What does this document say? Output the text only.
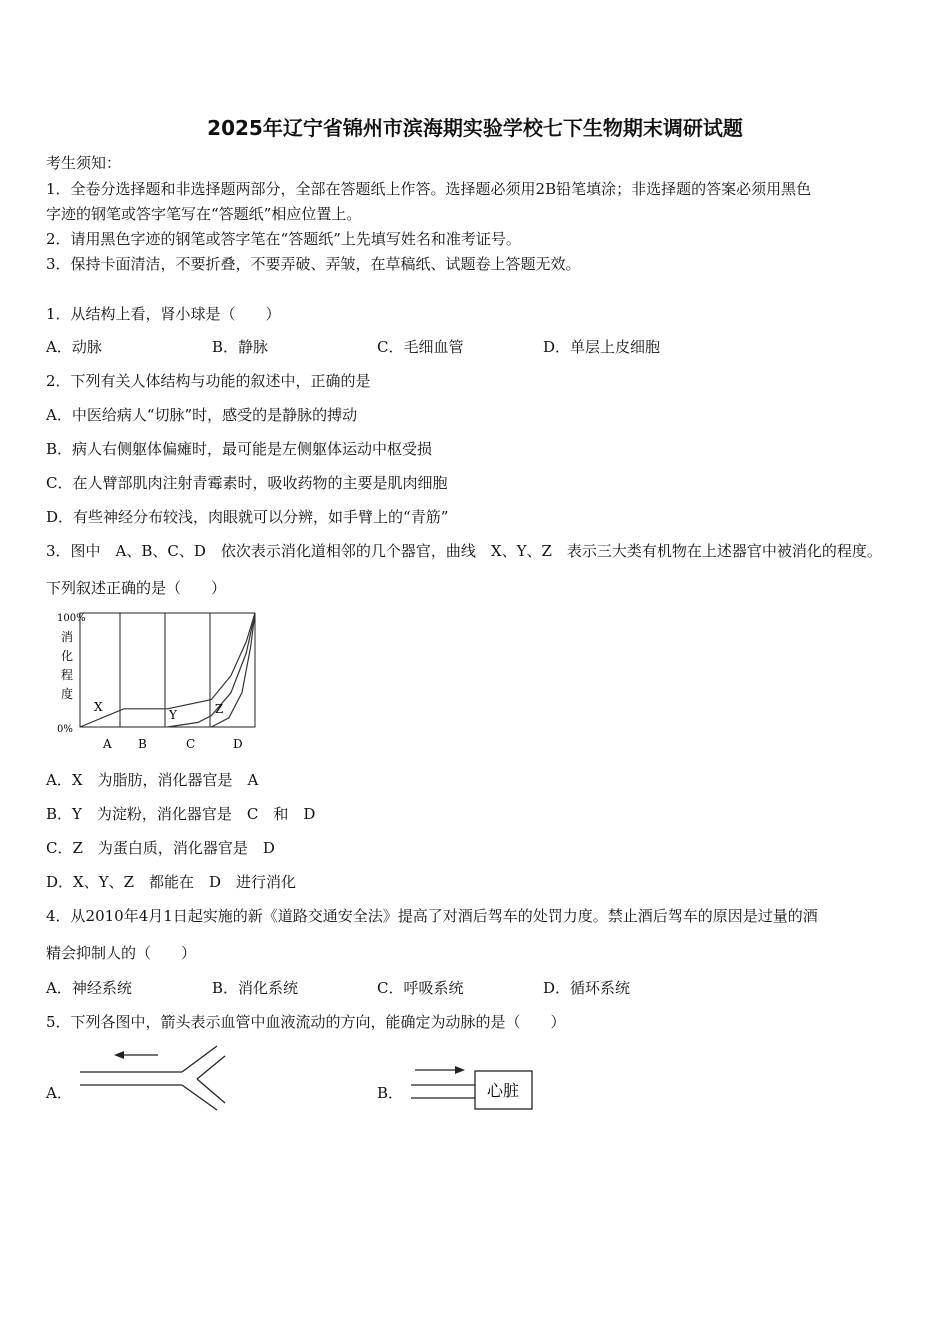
2025年辽宁省锦州市滨海期实验学校七下生物期末调研试题
考生须知：
1．全卷分选择题和非选择题两部分，全部在答题纸上作答。选择题必须用2B铅笔填涂；非选择题的答案必须用黑色
字迹的钢笔或答字笔写在“答题纸”相应位置上。
2．请用黑色字迹的钢笔或答字笔在“答题纸”上先填写姓名和准考证号。
3．保持卡面清洁，不要折叠，不要弄破、弄皱，在草稿纸、试题卷上答题无效。
1．从结构上看，肾小球是（　　）
A．动脉	B．静脉	C．毛细血管	D．单层上皮细胞
2．下列有关人体结构与功能的叙述中，正确的是
A．中医给病人“切脉”时，感受的是静脉的搏动
B．病人右侧躯体偏瘫时，最可能是左侧躯体运动中枢受损
C．在人臂部肌肉注射青霉素时，吸收药物的主要是肌肉细胞
D．有些神经分布较浅，肉眼就可以分辨，如手臂上的“青筋”
3．图中　A、B、C、D　依次表示消化道相邻的几个器官，曲线　X、Y、Z　表示三大类有机物在上述器官中被消化的程度。
下列叙述正确的是（　　）
100%
0%
消
化
程
度
A B	C	D
X
Y	Z
A．X　为脂肪，消化器官是　A
B．Y　为淀粉，消化器官是　C　和　D
C．Z　为蛋白质，消化器官是　D
D．X、Y、Z　都能在　D　进行消化
4．从2010年4月1日起实施的新《道路交通安全法》提高了对酒后驾车的处罚力度。禁止酒后驾车的原因是过量的酒
精会抑制人的（　　）
A．神经系统	B．消化系统	C．呼吸系统	D．循环系统
5．下列各图中，箭头表示血管中血液流动的方向，能确定为动脉的是（　　）
A．	B．	心脏
